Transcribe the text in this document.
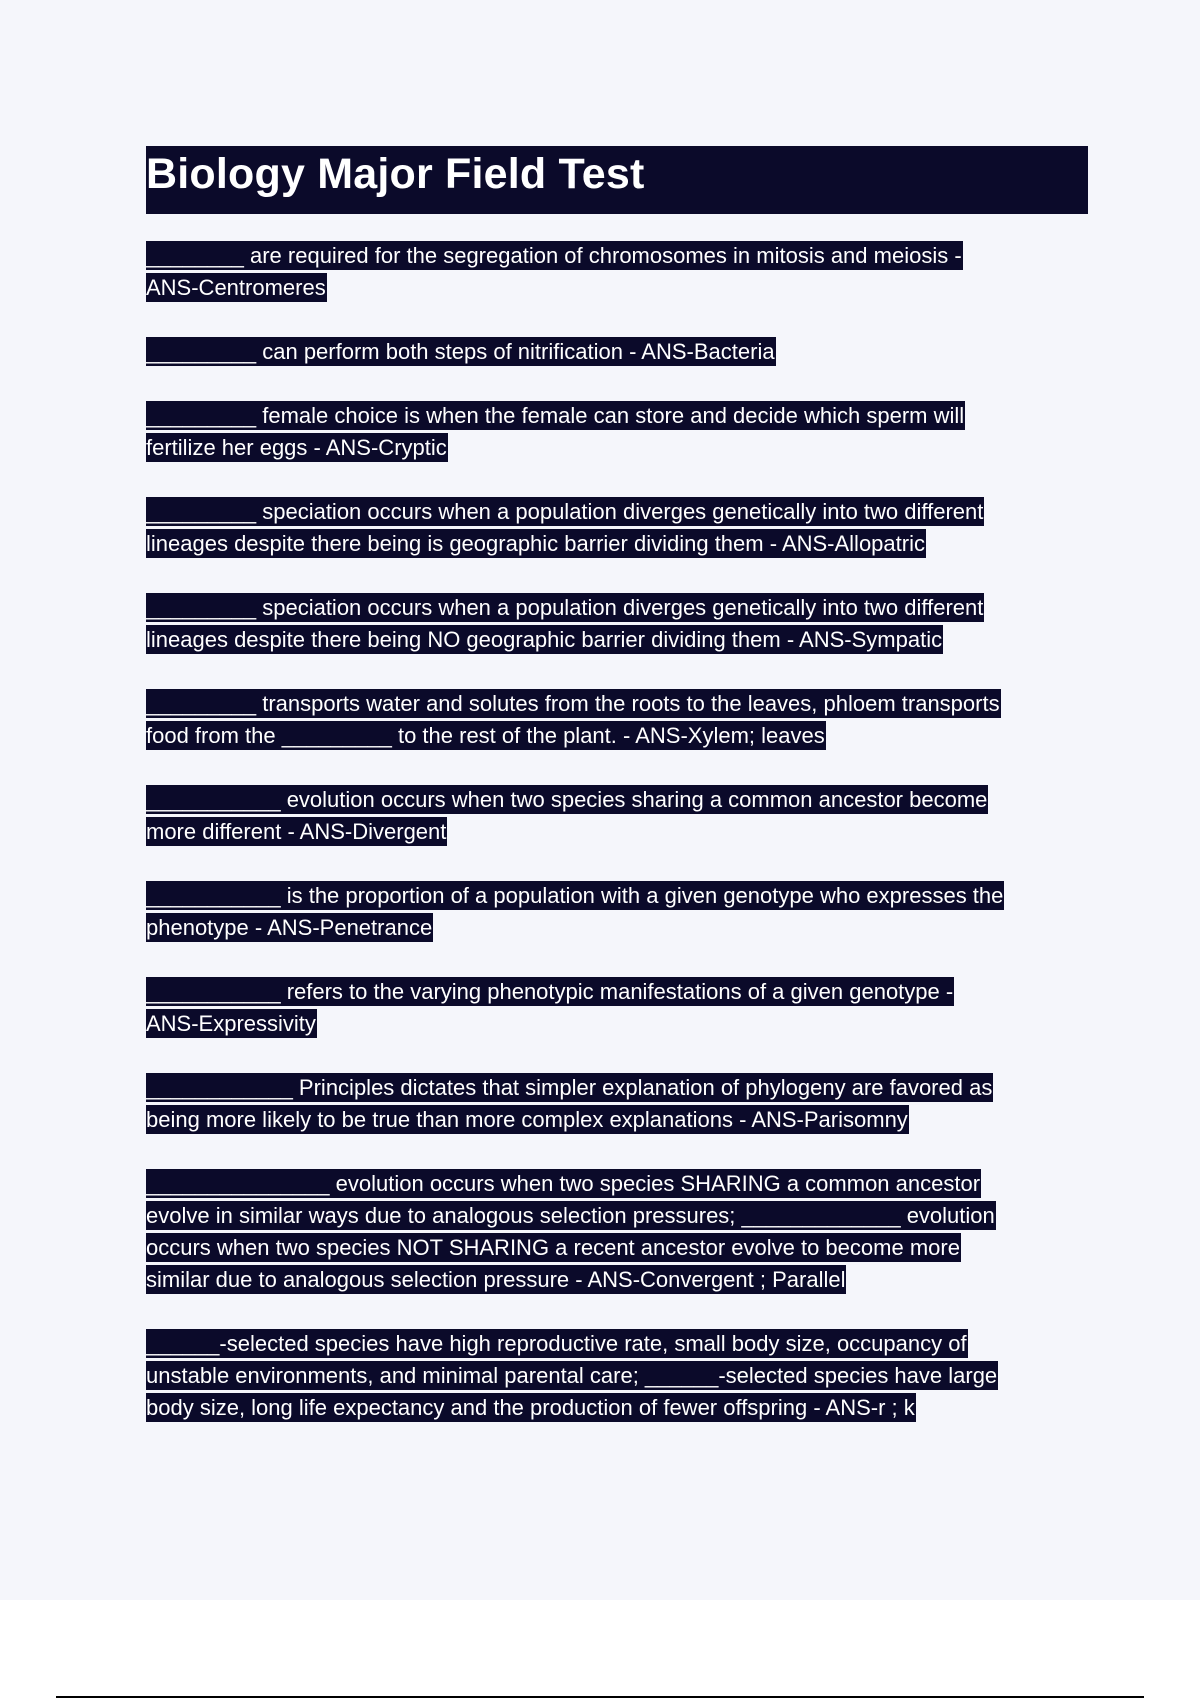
Biology Major Field Test
________ are required for the segregation of chromosomes in mitosis and meiosis -
ANS-Centromeres
_________ can perform both steps of nitrification - ANS-Bacteria
_________ female choice is when the female can store and decide which sperm will
fertilize her eggs - ANS-Cryptic
_________ speciation occurs when a population diverges genetically into two different
lineages despite there being is geographic barrier dividing them - ANS-Allopatric
_________ speciation occurs when a population diverges genetically into two different
lineages despite there being NO geographic barrier dividing them - ANS-Sympatic
_________ transports water and solutes from the roots to the leaves, phloem transports
food from the _________ to the rest of the plant. - ANS-Xylem; leaves
___________ evolution occurs when two species sharing a common ancestor become
more different - ANS-Divergent
___________ is the proportion of a population with a given genotype who expresses the
phenotype - ANS-Penetrance
___________ refers to the varying phenotypic manifestations of a given genotype -
ANS-Expressivity
____________ Principles dictates that simpler explanation of phylogeny are favored as
being more likely to be true than more complex explanations - ANS-Parisomny
_______________ evolution occurs when two species SHARING a common ancestor
evolve in similar ways due to analogous selection pressures; _____________ evolution
occurs when two species NOT SHARING a recent ancestor evolve to become more
similar due to analogous selection pressure - ANS-Convergent ; Parallel
______-selected species have high reproductive rate, small body size, occupancy of
unstable environments, and minimal parental care; ______-selected species have large
body size, long life expectancy and the production of fewer offspring - ANS-r ; k
